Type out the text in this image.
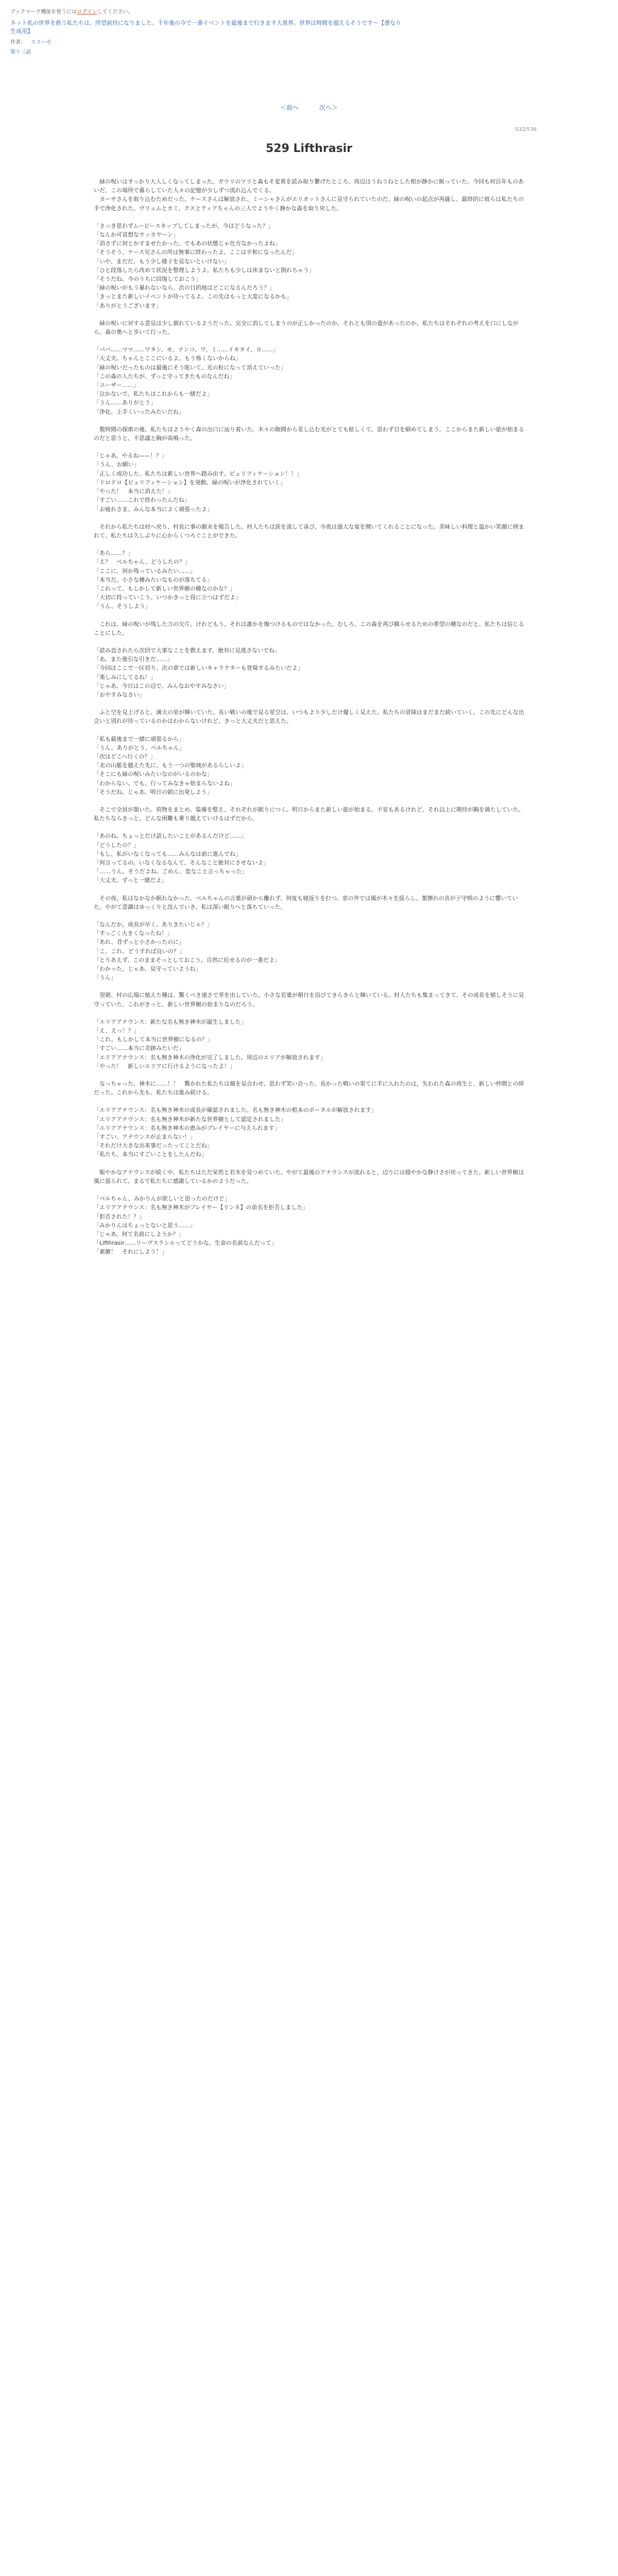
ブックマーク機能を使うにはログインしてください。
ネット私の世界を救う私たちは、所望前待になりました。千年後の今で一番イベントを最後まで行きます大異界。世界は時間を超えるそうです〜【書なり生成用】
作者： エリーゼ
第十三話
＜前へ	次へ＞
532/536
529 Lifthrasir

　緑の呪いはすっかり大人しくなってしまった。ガウリのツリと森もそ変異を読み取り繋げたところ、周辺はうねうねとした根が静かに眠っていた。今回も何百年ものあいだ、この場所で暮らしていた人々の記憶が少しずつ流れ込んでくる。
　カーサさんを取り込むためだった。ケースさんは解放され、ミーシャさんがエリオットさんに見守られていたのだ。緑の呪いの起点が再誕し、最終的に彼らは私たちの手で浄化された。ヴリュムとカミ、クスとティアちゃんの三人でようやく静かな森を取り戻した。

「さっき思わずムービースキップしてしまったが、今はどうなった？」
「なんか可哀想なヤッカヤーン」
「消さずに何とかすませたかった。でもあの状態じゃ仕方なかったよね」
「そうそう、ケース兄さんの所は無事に終わったよ。ここは平和になったんだ」
「いや、まだだ。もう少し様子を見ないといけない」
「ひと段落したら改めて状況を整理しようよ。私たちも少しは休まないと倒れちゃう」
「そうだね。今のうちに回復しておこう」
「緑の呪いがもう暴れないなら、次の目的地はどこになるんだろう？」
「きっとまた新しいイベントが待ってるよ。この先はもっと大変になるかも」
「ありがとうございます」

　緑の呪いに対する意見は少し割れているようだった。完全に消してしまうのが正しかったのか、それとも別の道があったのか。私たちはそれぞれの考えを口にしながら、森の奥へと歩いて行った。

「パパ……ママ……ワタシ、モ、ナンコ、ワ、ミ……イキタイ、ヨ……」
「大丈夫。ちゃんとここにいるよ。もう怖くないからね」
「緑の呪いだったものは最後にそう呟いて、光の粒になって消えていった」
「この森の人たちが、ずっと守ってきたものなんだね」
「ユーザー……」
「泣かないで。私たちはこれからも一緒だよ」
「うん……ありがとう」
「浄化、上手くいったみたいだね」

　数時間の探索の後、私たちはようやく森の出口に辿り着いた。木々の隙間から差し込む光がとても眩しくて、思わず目を細めてしまう。ここからまた新しい旅が始まるのだと思うと、不思議と胸が高鳴った。

「じゃあ、やるね——！？」
「うん、お願い」
「正しく成功した、私たちは新しい世界へ踏み出す。ピュリフィケーション！！」
「ドロドロ【ピュリフィケーション】を発動。緑の呪いが浄化されていく」
「やった！　本当に消えた！」
「すごい……これで終わったんだね」
「お疲れさま。みんな本当によく頑張ったよ」

　それから私たちは村へ戻り、村長に事の顛末を報告した。村人たちは涙を流して喜び、今夜は盛大な宴を開いてくれることになった。美味しい料理と温かい笑顔に囲まれて、私たちは久しぶりに心からくつろぐことができた。

「あら……？」
「え？　ベルちゃん、どうしたの？」
「ここに、何か残っているみたい……」
「本当だ。小さな種みたいなものが落ちてる」
「これって、もしかして新しい世界樹の種なのかな？」
「大切に持っていこう。いつかきっと役に立つはずだよ」
「うん、そうしよう」

　これは、緑の呪いが残した力の欠片。けれどもう、それは誰かを傷つけるものではなかった。むしろ、この森を再び蘇らせるための希望の種なのだと、私たちは信じることにした。

「読み直されたら次回で大事なことを教えます。絶対に見逃さないでね」
「あ、また強引な引きだ……」
「今回はここで一区切り。次の章では新しいキャラクターも登場するみたいだよ」
「楽しみにしてるね！」
「じゃあ、今日はこの辺で。みんなおやすみなさい」
「おやすみなさい」

　ふと空を見上げると、満天の星が輝いていた。長い戦いの後で見る星空は、いつもより少しだけ優しく見えた。私たちの冒険はまだまだ続いていく。この先にどんな出会いと別れが待っているのかはわからないけれど、きっと大丈夫だと思えた。

「私も最後まで一緒に頑張るから」
「うん。ありがとう、ベルちゃん」
「次はどこへ行くの？」
「北の山脈を越えた先に、もう一つの聖域があるらしいよ」
「そこにも緑の呪いみたいなのがいるのかな」
「わからない。でも、行ってみなきゃ始まらないよね」
「そうだね。じゃあ、明日の朝に出発しよう」

　そこで全員が頷いた。荷物をまとめ、装備を整え、それぞれが眠りにつく。明日からまた新しい旅が始まる。不安もあるけれど、それ以上に期待が胸を満たしていた。私たちならきっと、どんな困難も乗り越えていけるはずだから。

「あのね、ちょっとだけ話したいことがあるんだけど……」
「どうしたの？」
「もし、私がいなくなっても……みんなは前に進んでね」
「何言ってるの。いなくなるなんて、そんなこと絶対にさせないよ」
「……うん。そうだよね。ごめん、変なこと言っちゃった」
「大丈夫。ずっと一緒だよ」

　その夜、私はなかなか眠れなかった。ベルちゃんの言葉が頭から離れず、何度も寝返りを打つ。窓の外では風が木々を揺らし、葉擦れの音が子守唄のように響いていた。やがて意識はゆっくりと沈んでいき、私は深い眠りへと落ちていった。

「なんだか、成長が早く、ありきたいじゃ？」
「すっごく大きくなったね！」
「あれ、昔ずっと小さかったのに」
「こ、これ、どうすれば良いの？」
「とりあえず、このままそっとしておこう。自然に任せるのが一番だよ」
「わかった。じゃあ、見守っていようね」
「うん」

　翌朝、村の広場に植えた種は、驚くべき速さで芽を出していた。小さな若葉が朝日を浴びてきらきらと輝いている。村人たちも集まってきて、その成長を嬉しそうに見守っていた。これがきっと、新しい世界樹の始まりなのだろう。

「エリアアナウンス：新たな名も無き神木が誕生しました」
「え、えっ！？」
「これ、もしかして本当に世界樹になるの？」
「すごい……本当に奇跡みたいだ」
「エリアアナウンス：名も無き神木の浄化が完了しました。周辺のエリアが解放されます」
「やった！　新しいエリアに行けるようになったよ！」

　なっちゃった、神木に……！！　驚かれた私たちは顔を見合わせ、思わず笑い合った。長かった戦いの果てに手に入れたのは、失われた森の再生と、新しい仲間との絆だった。これから先も、私たちは進み続ける。

「エリアアナウンス：名も無き神木の成長が確認されました。名も無き神木の根本のポータルが解放されます」
「エリアアナウンス：名も無き神木が新たな世界樹として認定されました」
「エリアアナウンス：名も無き神木の恵みがプレイヤーに与えられます」
「すごい、アナウンスが止まらない！」
「それだけ大きな出来事だったってことだね」
「私たち、本当にすごいことをしたんだね」

　賑やかなアナウンスが続く中、私たちはただ呆然と若木を見つめていた。やがて最後のアナウンスが流れると、辺りには穏やかな静けさが戻ってきた。新しい世界樹は風に揺られて、まるで私たちに感謝しているかのようだった。

「ベルちゃん、みかりんが欲しいと思ったのだけど」
「エリアアナウンス：名も無き神木がプレイヤー【リンネ】の命名を拒否しました」
「拒否された！？」
「みかりんはちょっとないと思う……」
「じゃあ、何て名前にしようか？」
「Lifthrasir……リーヴスラシルってどうかな。生命の名前なんだって」
「素敵！　それにしよう！」
